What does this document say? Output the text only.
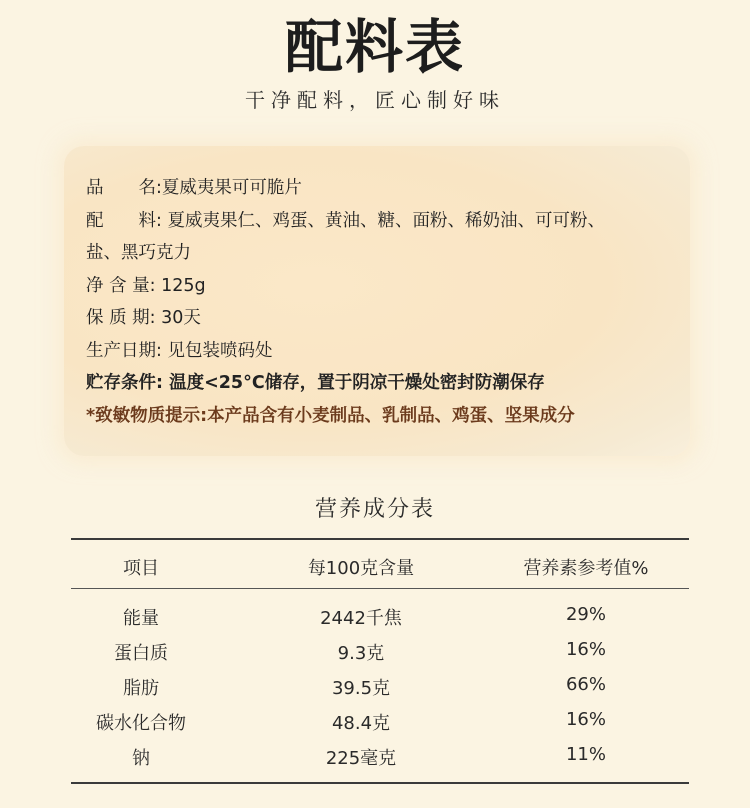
配料表
干净配料，匠心制好味
品　　名:夏威夷果可可脆片
配　　料: 夏威夷果仁、鸡蛋、黄油、糖、面粉、稀奶油、可可粉、
盐、黑巧克力
净 含 量: 125g
保 质 期: 30天
生产日期: 见包装喷码处
贮存条件: 温度<25°C储存，置于阴凉干燥处密封防潮保存
*致敏物质提示:本产品含有小麦制品、乳制品、鸡蛋、坚果成分
营养成分表
项目	每100克含量	营养素参考值%
能量	2442千焦	29%
蛋白质	9.3克	16%
脂肪	39.5克	66%
碳水化合物	48.4克	16%
钠	225毫克	11%
